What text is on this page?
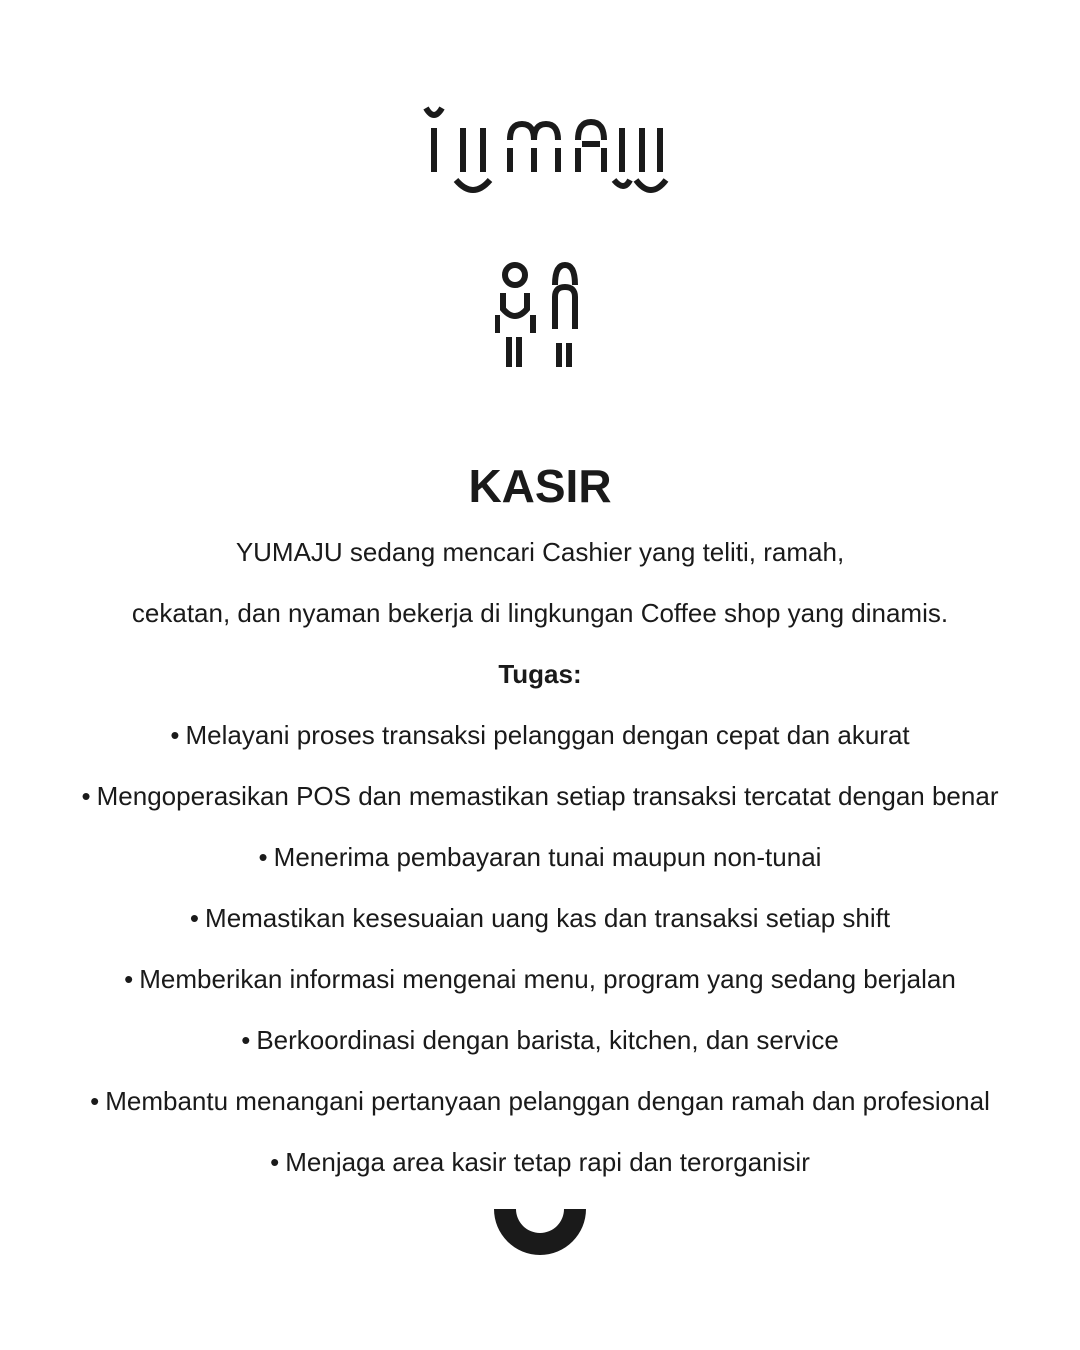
KASIR

YUMAJU sedang mencari Cashier yang teliti, ramah,

cekatan, dan nyaman bekerja di lingkungan Coffee shop yang dinamis.

Tugas:

• Melayani proses transaksi pelanggan dengan cepat dan akurat
• Mengoperasikan POS dan memastikan setiap transaksi tercatat dengan benar
• Menerima pembayaran tunai maupun non-tunai
• Memastikan kesesuaian uang kas dan transaksi setiap shift
• Memberikan informasi mengenai menu, program yang sedang berjalan
• Berkoordinasi dengan barista, kitchen, dan service
• Membantu menangani pertanyaan pelanggan dengan ramah dan profesional
• Menjaga area kasir tetap rapi dan terorganisir
